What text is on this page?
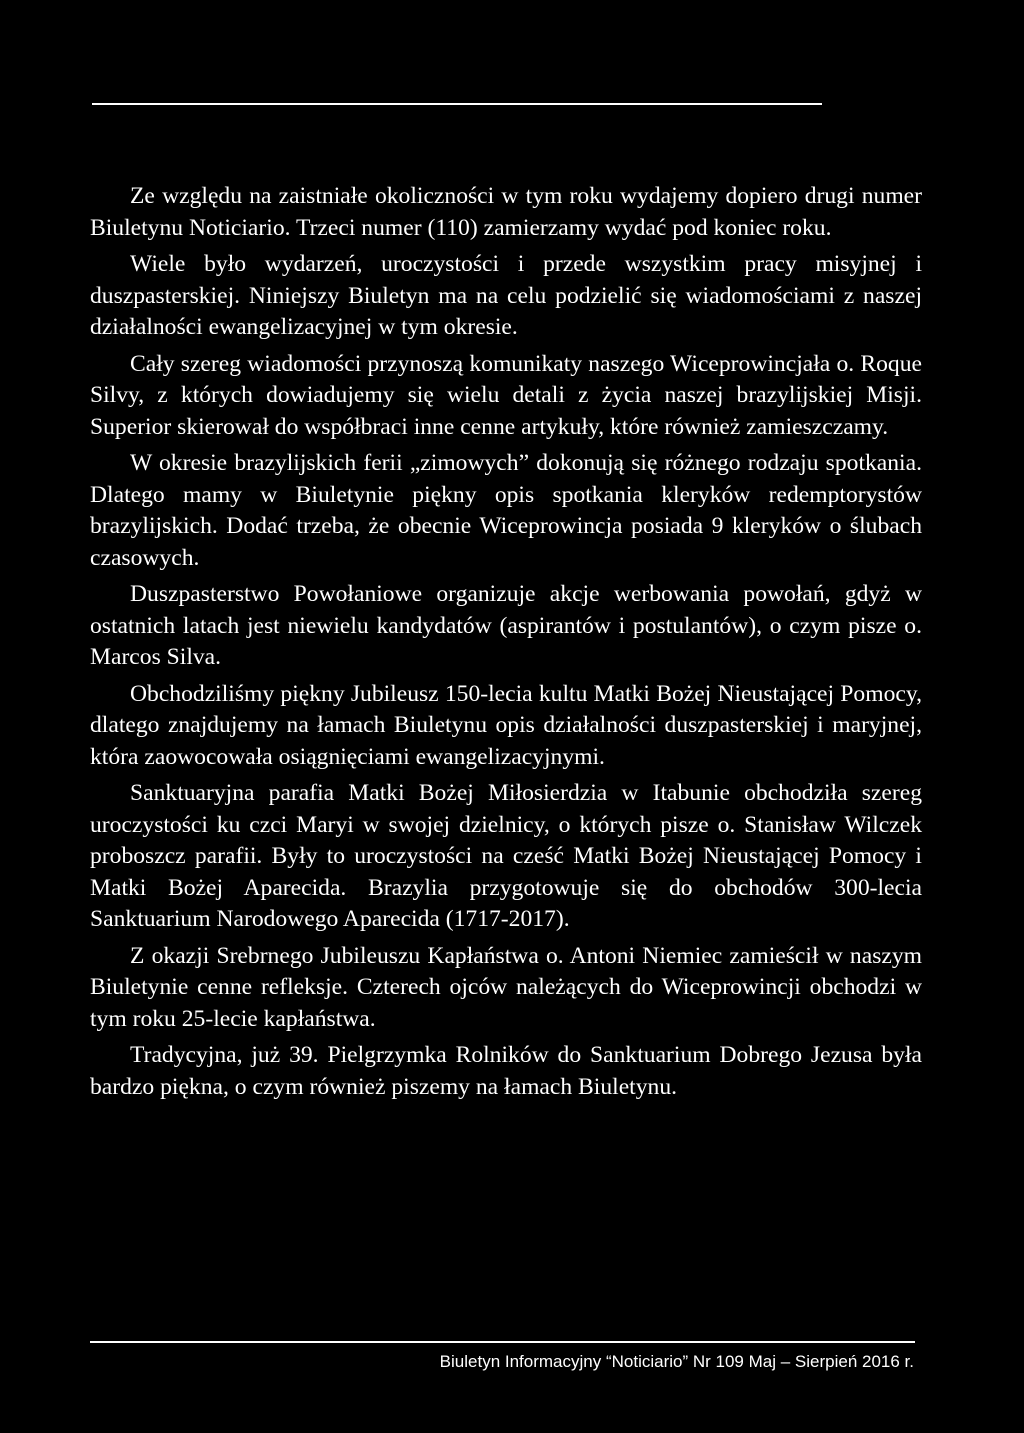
Ze względu na zaistniałe okoliczności w tym roku wydajemy dopiero drugi numer Biuletynu Noticiario. Trzeci numer (110) zamierzamy wydać pod koniec roku.

Wiele było wydarzeń, uroczystości i przede wszystkim pracy misyjnej i duszpasterskiej. Niniejszy Biuletyn ma na celu podzielić się wiadomościami z naszej działalności ewangelizacyjnej w tym okresie.

Cały szereg wiadomości przynoszą komunikaty naszego Wiceprowincjała o. Roque Silvy, z których dowiadujemy się wielu detali z życia naszej brazylijskiej Misji. Superior skierował do współbraci inne cenne artykuły, które również zamieszczamy.

W okresie brazylijskich ferii „zimowych” dokonują się różnego rodzaju spotkania. Dlatego mamy w Biuletynie piękny opis spotkania kleryków redemptorystów brazylijskich. Dodać trzeba, że obecnie Wiceprowincja posiada 9 kleryków o ślubach czasowych.

Duszpasterstwo Powołaniowe organizuje akcje werbowania powołań, gdyż w ostatnich latach jest niewielu kandydatów (aspirantów i postulantów), o czym pisze o. Marcos Silva.

Obchodziliśmy piękny Jubileusz 150-lecia kultu Matki Bożej Nieustającej Pomocy, dlatego znajdujemy na łamach Biuletynu opis działalności duszpasterskiej i maryjnej, która zaowocowała osiągnięciami ewangelizacyjnymi.

Sanktuaryjna parafia Matki Bożej Miłosierdzia w Itabunie obchodziła szereg uroczystości ku czci Maryi w swojej dzielnicy, o których pisze o. Stanisław Wilczek proboszcz parafii. Były to uroczystości na cześć Matki Bożej Nieustającej Pomocy i Matki Bożej Aparecida. Brazylia przygotowuje się do obchodów 300-lecia Sanktuarium Narodowego Aparecida (1717-2017).

Z okazji Srebrnego Jubileuszu Kapłaństwa o. Antoni Niemiec zamieścił w naszym Biuletynie cenne refleksje. Czterech ojców należących do Wiceprowincji obchodzi w tym roku 25-lecie kapłaństwa.

Tradycyjna, już 39. Pielgrzymka Rolników do Sanktuarium Dobrego Jezusa była bardzo piękna, o czym również piszemy na łamach Biuletynu.

Biuletyn Informacyjny “Noticiario” Nr 109 Maj – Sierpień 2016 r.
